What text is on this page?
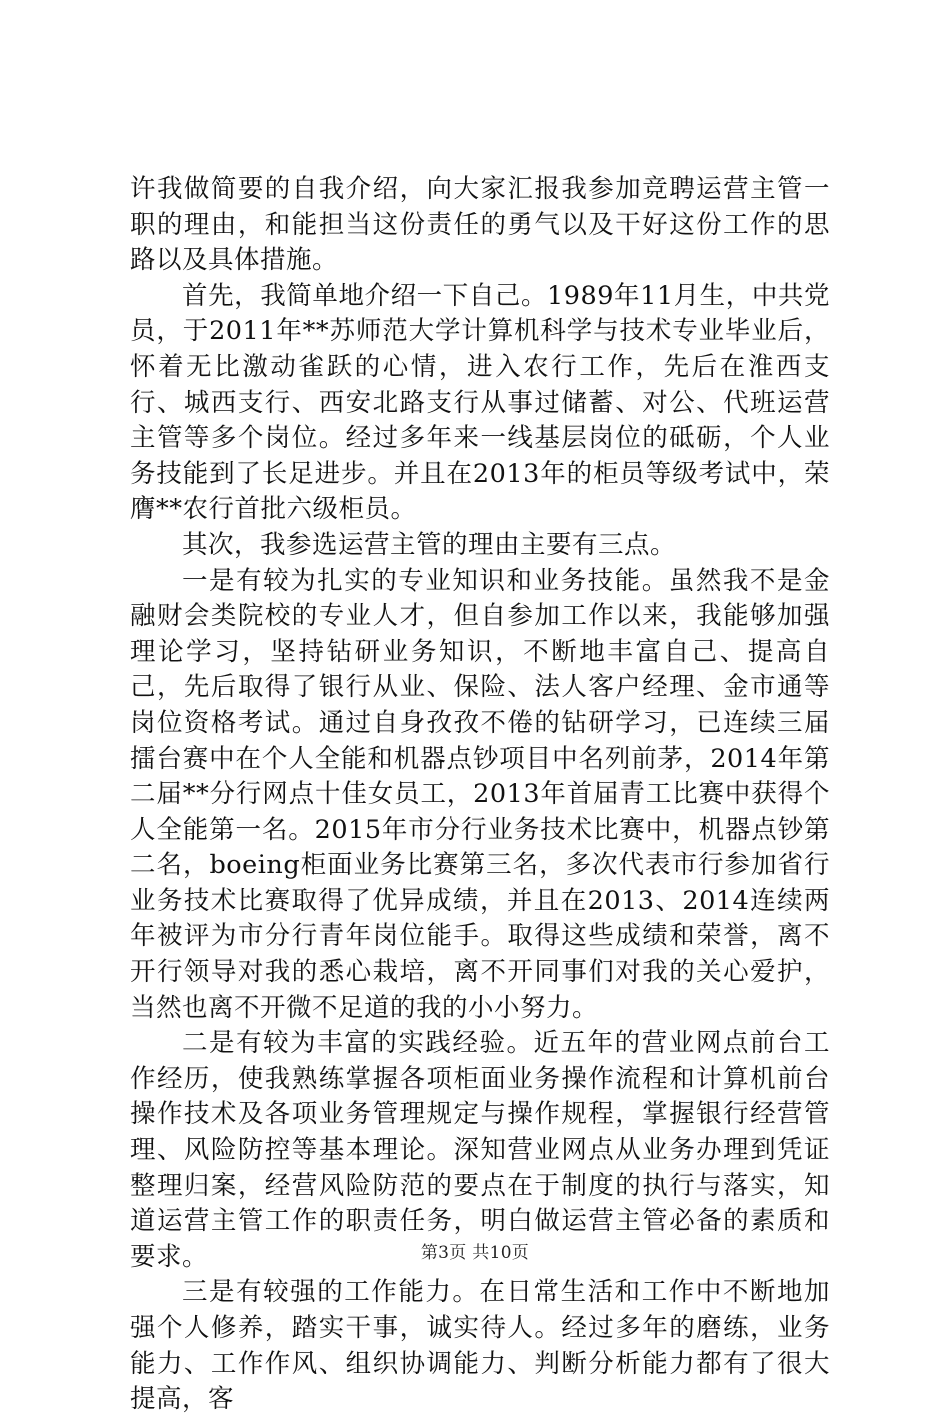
许我做简要的自我介绍，向大家汇报我参加竞聘运营主管一职的理由，和能担当这份责任的勇气以及干好这份工作的思路以及具体措施。

首先，我简单地介绍一下自己。1989年11月生，中共党员，于2011年**苏师范大学计算机科学与技术专业毕业后，怀着无比激动雀跃的心情，进入农行工作，先后在淮西支行、城西支行、西安北路支行从事过储蓄、对公、代班运营主管等多个岗位。经过多年来一线基层岗位的砥砺，个人业务技能到了长足进步。并且在2013年的柜员等级考试中，荣膺**农行首批六级柜员。

其次，我参选运营主管的理由主要有三点。

一是有较为扎实的专业知识和业务技能。虽然我不是金融财会类院校的专业人才，但自参加工作以来，我能够加强理论学习，坚持钻研业务知识，不断地丰富自己、提高自己，先后取得了银行从业、保险、法人客户经理、金市通等岗位资格考试。通过自身孜孜不倦的钻研学习，已连续三届擂台赛中在个人全能和机器点钞项目中名列前茅，2014年第二届**分行网点十佳女员工，2013年首届青工比赛中获得个人全能第一名。2015年市分行业务技术比赛中，机器点钞第二名，boeing柜面业务比赛第三名，多次代表市行参加省行业务技术比赛取得了优异成绩，并且在2013、2014连续两年被评为市分行青年岗位能手。取得这些成绩和荣誉，离不开行领导对我的悉心栽培，离不开同事们对我的关心爱护，当然也离不开微不足道的我的小小努力。

二是有较为丰富的实践经验。近五年的营业网点前台工作经历，使我熟练掌握各项柜面业务操作流程和计算机前台操作技术及各项业务管理规定与操作规程，掌握银行经营管理、风险防控等基本理论。深知营业网点从业务办理到凭证整理归案，经营风险防范的要点在于制度的执行与落实，知道运营主管工作的职责任务，明白做运营主管必备的素质和要求。

三是有较强的工作能力。在日常生活和工作中不断地加强个人修养，踏实干事，诚实待人。经过多年的磨练，业务能力、工作作风、组织协调能力、判断分析能力都有了很大提高，客

第3页 共10页
